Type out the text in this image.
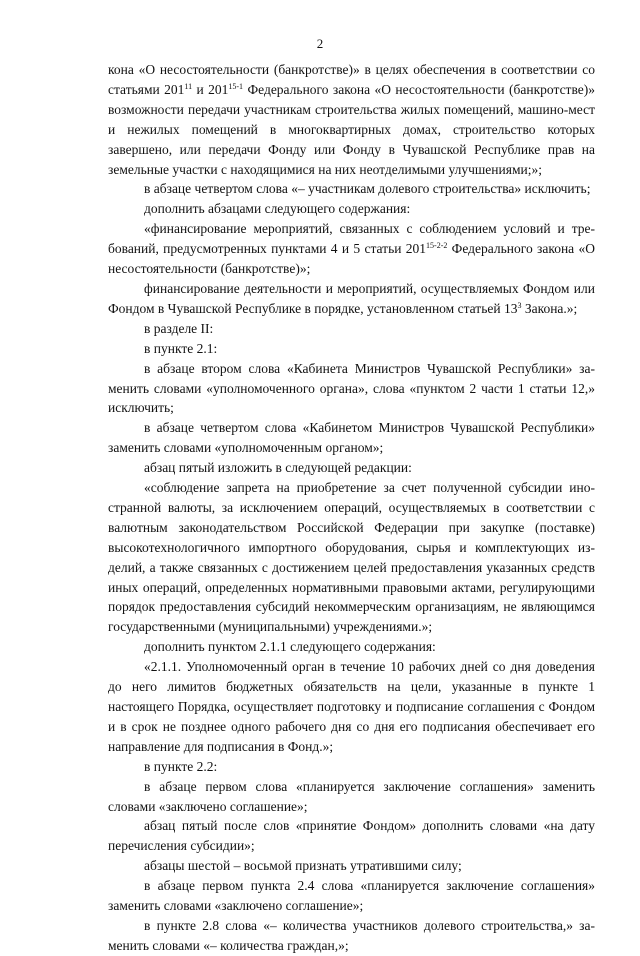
2

кона «О несостоятельности (банкротстве)» в целях обеспечения в соответствии со статьями $201^{11}$ и 201$^{15-1}$ Федерального закона «О несостоятельности (банкротстве)» возможности передачи участникам строительства жилых помещений, машино-мест и нежилых помещений в многоквартирных домах, строительство которых завершено, или передачи Фонду или Фонду в Чувашской Республике прав на земельные участки с находящимися на них неотделимыми улучшениями;»;

в абзаце четвертом слова «– участникам долевого строительства» исключить;

дополнить абзацами следующего содержания:

«финансирование мероприятий, связанных с соблюдением условий и требований, предусмотренных пунктами 4 и 5 статьи 201$^{15-2-2}$ Федерального закона «О несостоятельности (банкротстве)»;

финансирование деятельности и мероприятий, осуществляемых Фондом или Фондом в Чувашской Республике в порядке, установленном статьей $13^3$ Закона.»;

в разделе II:

в пункте 2.1:

в абзаце втором слова «Кабинета Министров Чувашской Республики» заменить словами «уполномоченного органа», слова «пунктом 2 части 1 статьи 12,» исключить;

в абзаце четвертом слова «Кабинетом Министров Чувашской Республики» заменить словами «уполномоченным органом»;

абзац пятый изложить в следующей редакции:

«соблюдение запрета на приобретение за счет полученной субсидии иностранной валюты, за исключением операций, осуществляемых в соответствии с валютным законодательством Российской Федерации при закупке (поставке) высокотехнологичного импортного оборудования, сырья и комплектующих изделий, а также связанных с достижением целей предоставления указанных средств иных операций, определенных нормативными правовыми актами, регулирующими порядок предоставления субсидий некоммерческим организациям, не являющимся государственными (муниципальными) учреждениями.»;

дополнить пунктом 2.1.1 следующего содержания:

«2.1.1. Уполномоченный орган в течение 10 рабочих дней со дня доведения до него лимитов бюджетных обязательств на цели, указанные в пункте 1 настоящего Порядка, осуществляет подготовку и подписание соглашения с Фондом и в срок не позднее одного рабочего дня со дня его подписания обеспечивает его направление для подписания в Фонд.»;

в пункте 2.2:

в абзаце первом слова «планируется заключение соглашения» заменить словами «заключено соглашение»;

абзац пятый после слов «принятие Фондом» дополнить словами «на дату перечисления субсидии»;

абзацы шестой – восьмой признать утратившими силу;

в абзаце первом пункта 2.4 слова «планируется заключение соглашения» заменить словами «заключено соглашение»;

в пункте 2.8 слова «– количества участников долевого строительства,» заменить словами «– количества граждан,»;
